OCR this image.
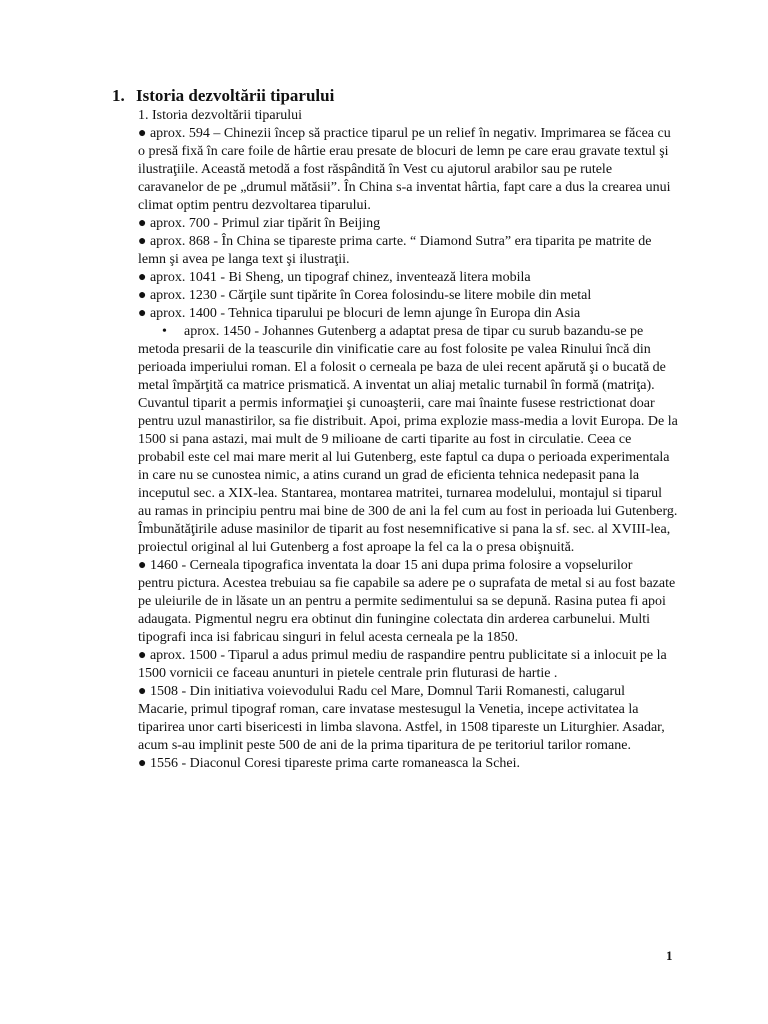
1. Istoria dezvoltării tiparului

1. Istoria dezvoltării tiparului

● aprox. 594 – Chinezii încep să practice tiparul pe un relief în negativ. Imprimarea se făcea cu o presă fixă în care foile de hârtie erau presate de blocuri de lemn pe care erau gravate textul şi ilustraţiile. Această metodă a fost răspândită în Vest cu ajutorul arabilor sau pe rutele caravanelor de pe „drumul mătăsii”. În China s-a inventat hârtia, fapt care a dus la crearea unui climat optim pentru dezvoltarea tiparului.

● aprox. 700 - Primul ziar tipărit în Beijing

● aprox. 868 - În China se tipareste prima carte. “ Diamond Sutra” era tiparita pe matrite de lemn şi avea pe langa text şi ilustraţii.

● aprox. 1041 - Bi Sheng, un tipograf chinez, inventează litera mobila

● aprox. 1230 - Cărţile sunt tipărite în Corea folosindu-se litere mobile din metal

● aprox. 1400 - Tehnica tiparului pe blocuri de lemn ajunge în Europa din Asia

• aprox. 1450 - Johannes Gutenberg a adaptat presa de tipar cu surub bazandu-se pe

metoda presarii de la teascurile din vinificatie care au fost folosite pe valea Rinului încă din perioada imperiului roman. El a folosit o cerneala pe baza de ulei recent apărută şi o bucată de metal împărţită ca matrice prismatică. A inventat un aliaj metalic turnabil în formă (matriţa). Cuvantul tiparit a permis informaţiei şi cunoaşterii, care mai înainte fusese restrictionat doar pentru uzul manastirilor, sa fie distribuit. Apoi, prima explozie mass-media a lovit Europa. De la 1500 si pana astazi, mai mult de 9 milioane de carti tiparite au fost in circulatie. Ceea ce probabil este cel mai mare merit al lui Gutenberg, este faptul ca dupa o perioada experimentala in care nu se cunostea nimic, a atins curand un grad de eficienta tehnica nedepasit pana la inceputul sec. a XIX-lea. Stantarea, montarea matritei, turnarea modelului, montajul si tiparul au ramas in principiu pentru mai bine de 300 de ani la fel cum au fost in perioada lui Gutenberg. Îmbunătăţirile aduse masinilor de tiparit au fost nesemnificative si pana la sf. sec. al XVIII-lea, proiectul original al lui Gutenberg a fost aproape la fel ca la o presa obişnuită.

● 1460 - Cerneala tipografica inventata la doar 15 ani dupa prima folosire a vopselurilor

pentru pictura. Acestea trebuiau sa fie capabile sa adere pe o suprafata de metal si au fost bazate pe uleiurile de in lăsate un an pentru a permite sedimentului sa se depună. Rasina putea fi apoi adaugata. Pigmentul negru era obtinut din funingine colectata din arderea carbunelui. Multi tipografi inca isi fabricau singuri in felul acesta cerneala pe la 1850.

● aprox. 1500 - Tiparul a adus primul mediu de raspandire pentru publicitate si a inlocuit pe la 1500 vornicii ce faceau anunturi in pietele centrale prin fluturasi de hartie .

● 1508 - Din initiativa voievodului Radu cel Mare, Domnul Tarii Romanesti, calugarul

Macarie, primul tipograf roman, care invatase mestesugul la Venetia, incepe activitatea la tiparirea unor carti bisericesti in limba slavona. Astfel, in 1508 tipareste un Liturghier. Asadar, acum s-au implinit peste 500 de ani de la prima tiparitura de pe teritoriul tarilor romane.

● 1556 - Diaconul Coresi tipareste prima carte romaneasca la Schei.

1
